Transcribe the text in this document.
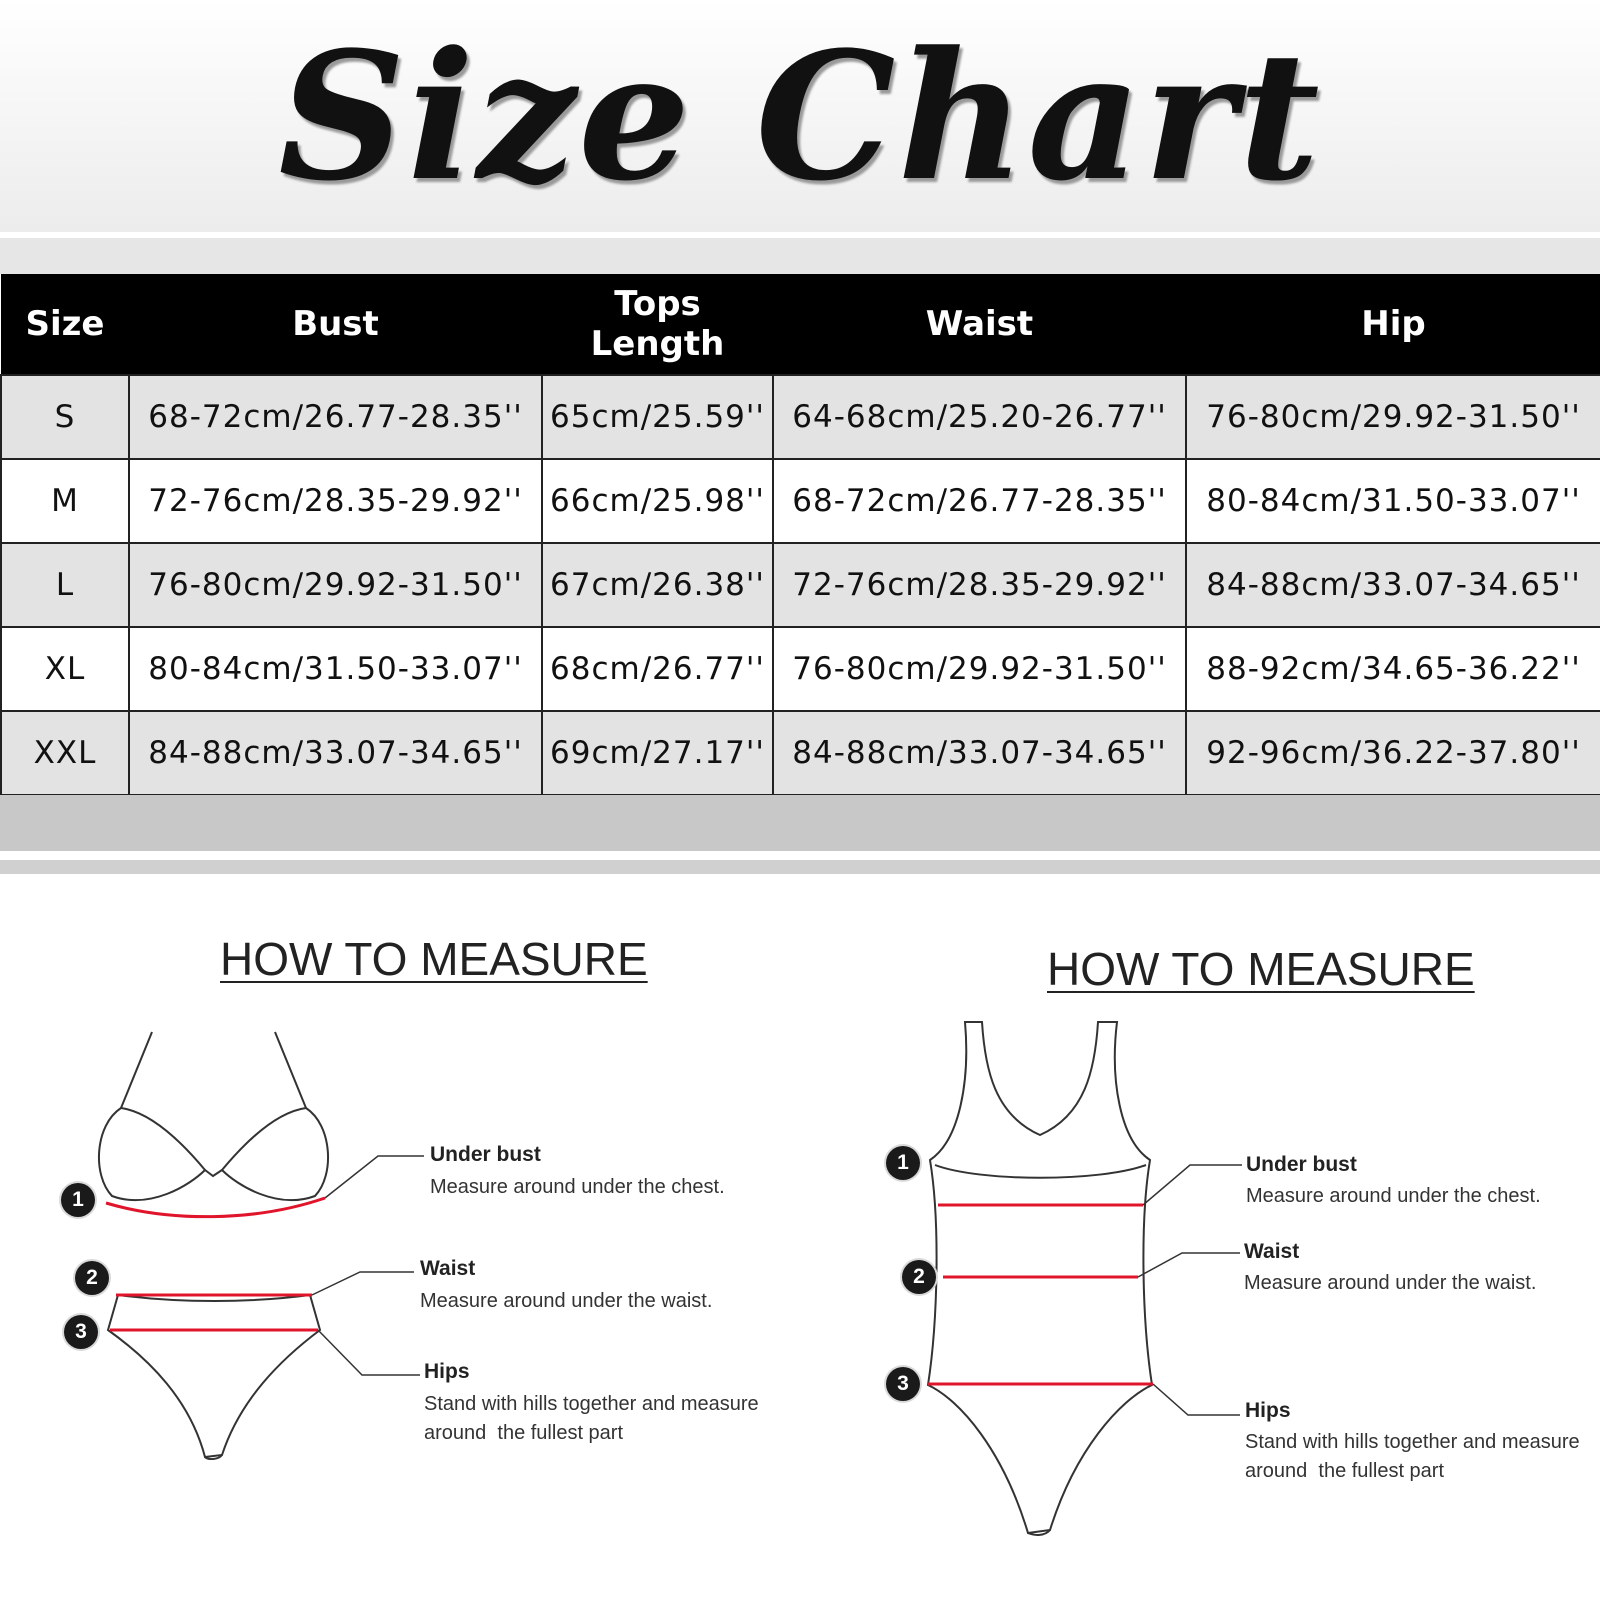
Size Chart
Size	Bust	Tops Length	Waist	Hip
S	68-72cm/26.77-28.35''	65cm/25.59''	64-68cm/25.20-26.77''	76-80cm/29.92-31.50''
M	72-76cm/28.35-29.92''	66cm/25.98''	68-72cm/26.77-28.35''	80-84cm/31.50-33.07''
L	76-80cm/29.92-31.50''	67cm/26.38''	72-76cm/28.35-29.92''	84-88cm/33.07-34.65''
XL	80-84cm/31.50-33.07''	68cm/26.77''	76-80cm/29.92-31.50''	88-92cm/34.65-36.22''
XXL	84-88cm/33.07-34.65''	69cm/27.17''	84-88cm/33.07-34.65''	92-96cm/36.22-37.80''
HOW TO MEASURE
1
2
3
Under bust
Measure around under the chest.
Waist
Measure around under the waist.
Hips
Stand with hills together and measure
around  the fullest part
HOW TO MEASURE
1
2
3
Under bust
Measure around under the chest.
Waist
Measure around under the waist.
Hips
Stand with hills together and measure
around  the fullest part
